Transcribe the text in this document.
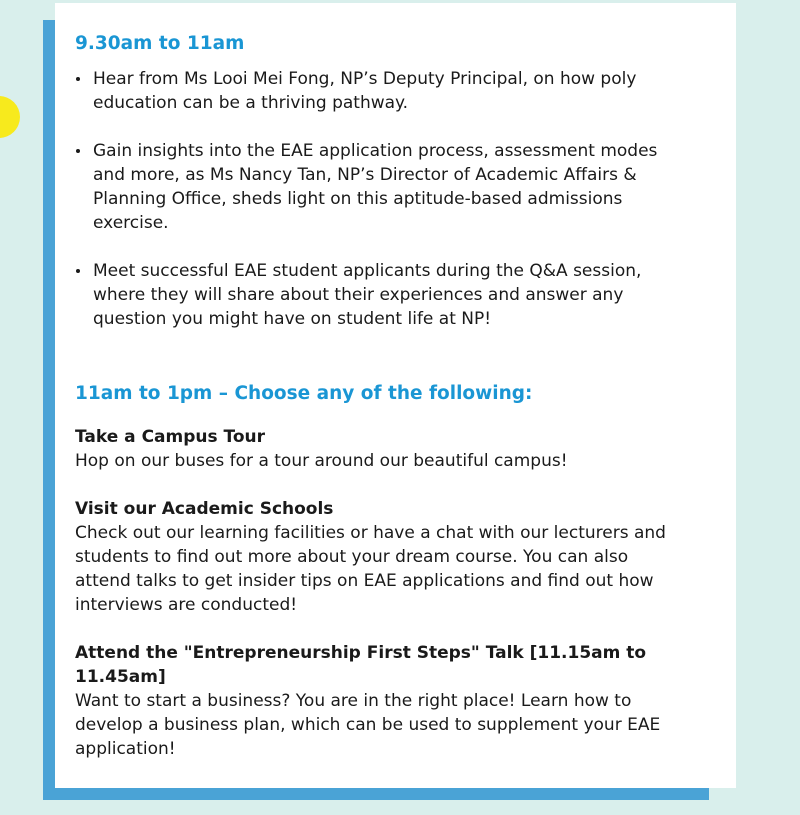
9.30am to 11am
Hear from Ms Looi Mei Fong, NP’s Deputy Principal, on how poly education can be a thriving pathway.
Gain insights into the EAE application process, assessment modes and more, as Ms Nancy Tan, NP’s Director of Academic Affairs & Planning Office, sheds light on this aptitude-based admissions exercise.
Meet successful EAE student applicants during the Q&A session, where they will share about their experiences and answer any question you might have on student life at NP!
11am to 1pm – Choose any of the following:
Take a Campus Tour

Hop on our buses for a tour around our beautiful campus!

Visit our Academic Schools

Check out our learning facilities or have a chat with our lecturers and students to find out more about your dream course. You can also attend talks to get insider tips on EAE applications and find out how interviews are conducted!

Attend the "Entrepreneurship First Steps" Talk [11.15am to 11.45am]

Want to start a business? You are in the right place! Learn how to develop a business plan, which can be used to supplement your EAE application!
